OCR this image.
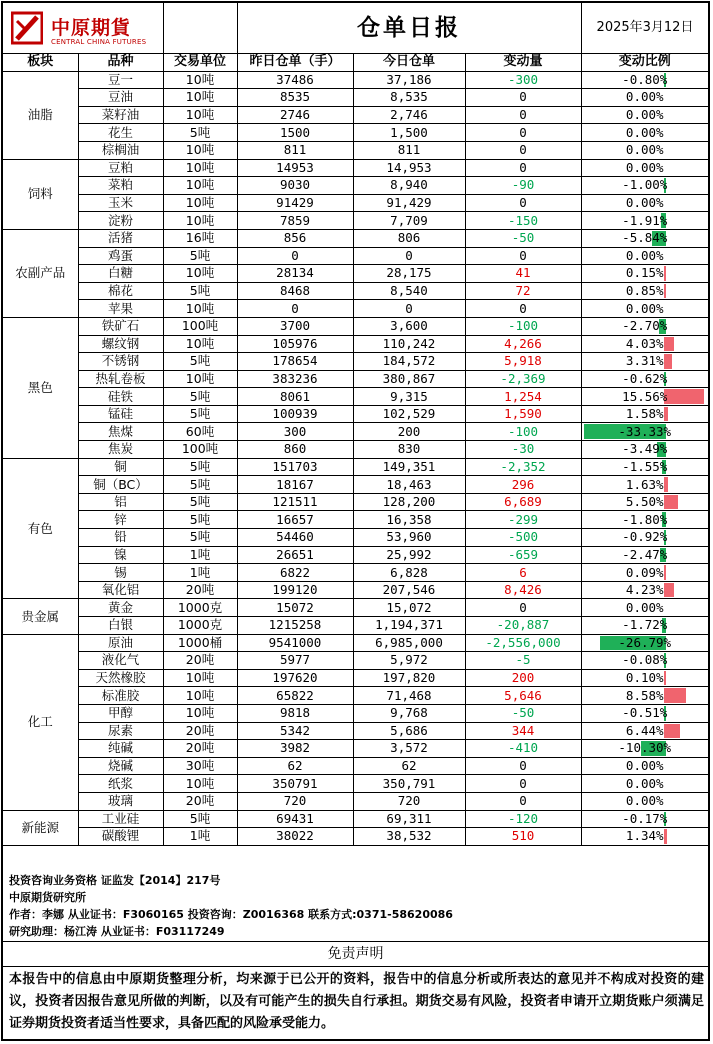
中原期貨
CENTRAL CHINA FUTURES
仓单日报	2025年3月12日
板块	品种	交易单位	昨日仓单（手）	今日仓单	变动量	变动比例
油脂	豆一	10吨	37486	37,186	-300	-0.80%
	豆油	10吨	8535	8,535	0	0.00%
	菜籽油	10吨	2746	2,746	0	0.00%
	花生	5吨	1500	1,500	0	0.00%
	棕榈油	10吨	811	811	0	0.00%
饲料	豆粕	10吨	14953	14,953	0	0.00%
	菜粕	10吨	9030	8,940	-90	-1.00%
	玉米	10吨	91429	91,429	0	0.00%
	淀粉	10吨	7859	7,709	-150	-1.91%
农副产品	活猪	16吨	856	806	-50	-5.84%
	鸡蛋	5吨	0	0	0	0.00%
	白糖	10吨	28134	28,175	41	0.15%
	棉花	5吨	8468	8,540	72	0.85%
	苹果	10吨	0	0	0	0.00%
黑色	铁矿石	100吨	3700	3,600	-100	-2.70%
	螺纹钢	10吨	105976	110,242	4,266	4.03%
	不锈钢	5吨	178654	184,572	5,918	3.31%
	热轧卷板	10吨	383236	380,867	-2,369	-0.62%
	硅铁	5吨	8061	9,315	1,254	15.56%
	锰硅	5吨	100939	102,529	1,590	1.58%
	焦煤	60吨	300	200	-100	-33.33%
	焦炭	100吨	860	830	-30	-3.49%
有色	铜	5吨	151703	149,351	-2,352	-1.55%
	铜（BC）	5吨	18167	18,463	296	1.63%
	铝	5吨	121511	128,200	6,689	5.50%
	锌	5吨	16657	16,358	-299	-1.80%
	铅	5吨	54460	53,960	-500	-0.92%
	镍	1吨	26651	25,992	-659	-2.47%
	锡	1吨	6822	6,828	6	0.09%
	氧化铝	20吨	199120	207,546	8,426	4.23%
贵金属	黄金	1000克	15072	15,072	0	0.00%
	白银	1000克	1215258	1,194,371	-20,887	-1.72%
化工	原油	1000桶	9541000	6,985,000	-2,556,000	-26.79%
	液化气	20吨	5977	5,972	-5	-0.08%
	天然橡胶	10吨	197620	197,820	200	0.10%
	标准胶	10吨	65822	71,468	5,646	8.58%
	甲醇	10吨	9818	9,768	-50	-0.51%
	尿素	20吨	5342	5,686	344	6.44%
	纯碱	20吨	3982	3,572	-410	-10.30%
	烧碱	30吨	62	62	0	0.00%
	纸浆	10吨	350791	350,791	0	0.00%
	玻璃	20吨	720	720	0	0.00%
新能源	工业硅	5吨	69431	69,311	-120	-0.17%
	碳酸锂	1吨	38022	38,532	510	1.34%
投资咨询业务资格 证监发【2014】217号
中原期货研究所
作者：李娜 从业证书：F3060165 投资咨询：Z0016368 联系方式:0371-58620086
研究助理：杨江涛 从业证书：F03117249
免责声明
本报告中的信息由中原期货整理分析，均来源于已公开的资料，报告中的信息分析或所表达的意见并不构成对投资的建议，投资者因报告意见所做的判断，以及有可能产生的损失自行承担。期货交易有风险，投资者申请开立期货账户须满足证券期货投资者适当性要求，具备匹配的风险承受能力。
